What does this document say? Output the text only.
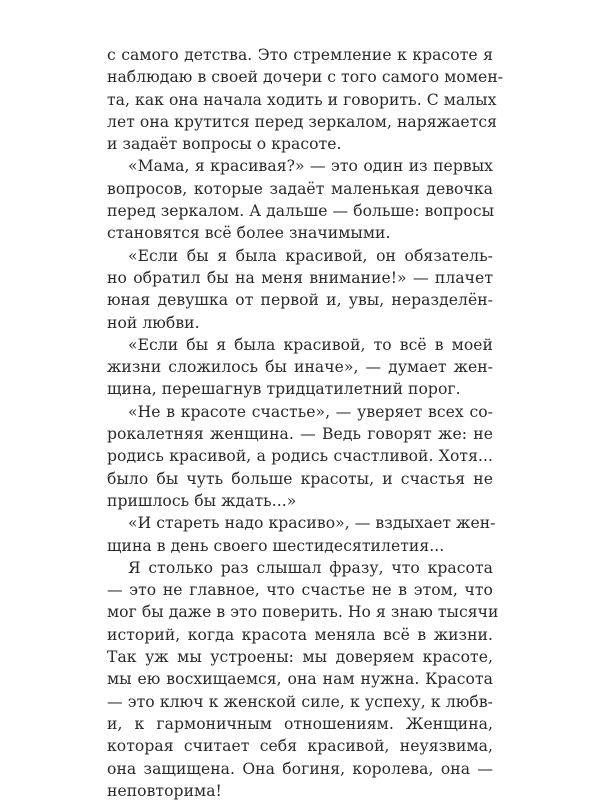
с самого детства. Это стремление к красоте я
наблюдаю в своей дочери с того самого момен-
та, как она начала ходить и говорить. С малых
лет она крутится перед зеркалом, наряжается
и задаёт вопросы о красоте.
«Мама, я красивая?» — это один из первых
вопросов, которые задаёт маленькая девочка
перед зеркалом. А дальше — больше: вопросы
становятся всё более значимыми.
«Если бы я была красивой, он обязатель-
но обратил бы на меня внимание!» — плачет
юная девушка от первой и, увы, неразделён-
ной любви.
«Если бы я была красивой, то всё в моей
жизни сложилось бы иначе», — думает жен-
щина, перешагнув тридцатилетний порог.
«Не в красоте счастье», — уверяет всех со-
рокалетняя женщина. — Ведь говорят же: не
родись красивой, а родись счастливой. Хотя...
было бы чуть больше красоты, и счастья не
пришлось бы ждать...»
«И стареть надо красиво», — вздыхает жен-
щина в день своего шестидесятилетия...
Я столько раз слышал фразу, что красота
— это не главное, что счастье не в этом, что
мог бы даже в это поверить. Но я знаю тысячи
историй, когда красота меняла всё в жизни.
Так уж мы устроены: мы доверяем красоте,
мы ею восхищаемся, она нам нужна. Красота
— это ключ к женской силе, к успеху, к любв-
и, к гармоничным отношениям. Женщина,
которая считает себя красивой, неуязвима,
она защищена. Она богиня, королева, она —
неповторима!
